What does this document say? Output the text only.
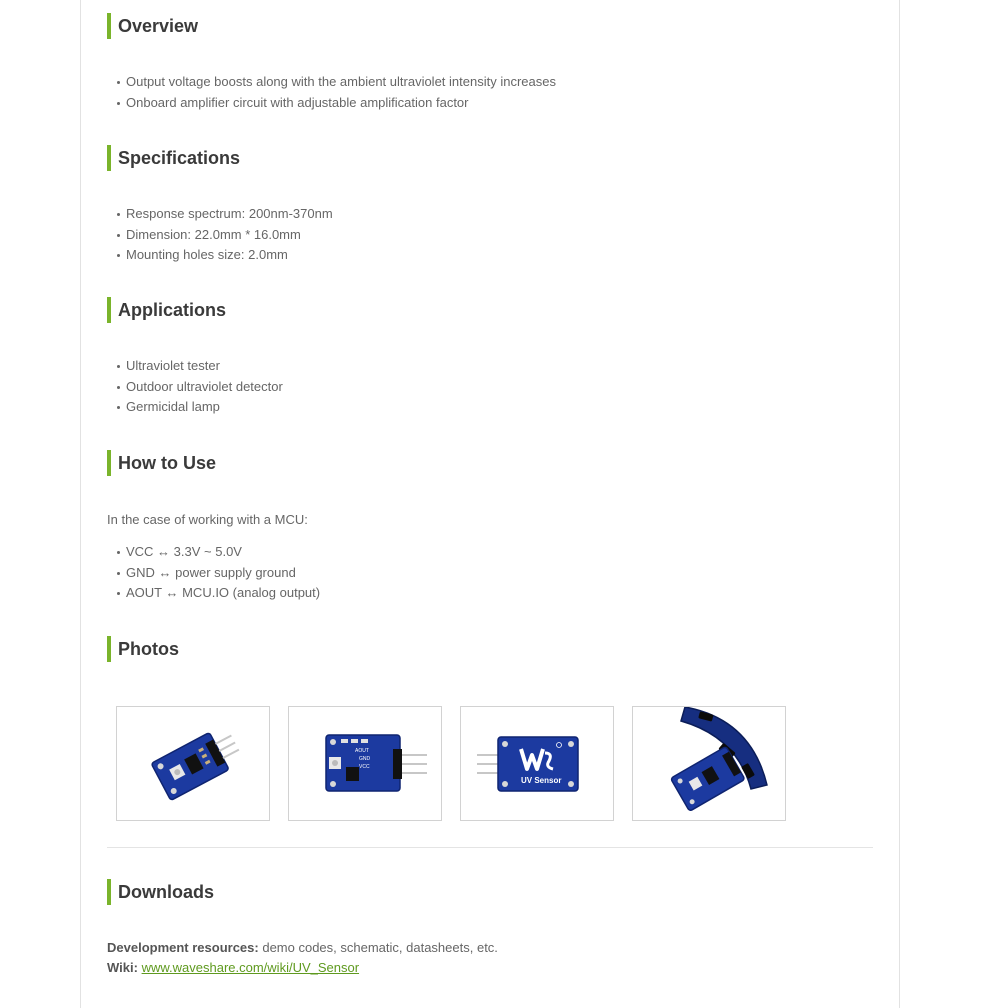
Overview
Output voltage boosts along with the ambient ultraviolet intensity increases
Onboard amplifier circuit with adjustable amplification factor
Specifications
Response spectrum: 200nm-370nm
Dimension: 22.0mm * 16.0mm
Mounting holes size: 2.0mm
Applications
Ultraviolet tester
Outdoor ultraviolet detector
Germicidal lamp
How to Use
In the case of working with a MCU:
VCC ↔ 3.3V ~ 5.0V
GND ↔ power supply ground
AOUT ↔ MCU.IO (analog output)
Photos
AOUT
GND
VCC
UV Sensor
Downloads
Development resources: demo codes, schematic, datasheets, etc.
Wiki: www.waveshare.com/wiki/UV_Sensor
